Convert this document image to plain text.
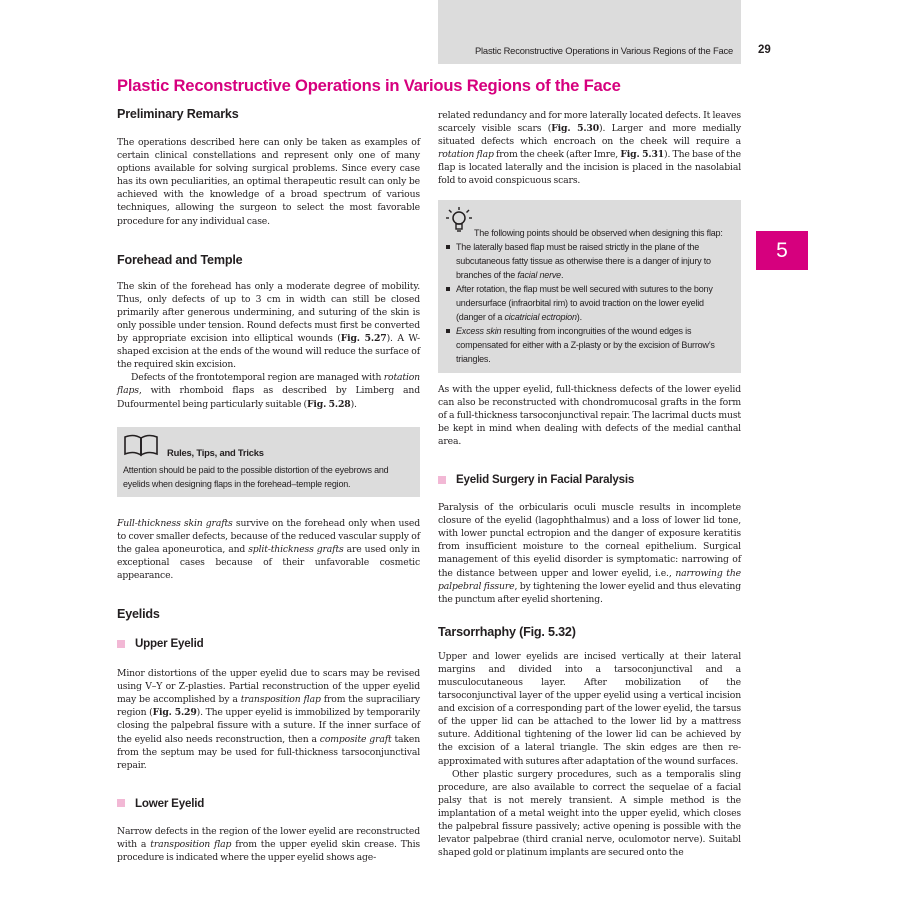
Plastic Reconstructive Operations in Various Regions of the Face 29
5
Plastic Reconstructive Operations in Various Regions of the Face
Preliminary Remarks

The operations described here can only be taken as examples of certain clinical constellations and represent only one of many options available for solving surgical problems. Since every case has its own peculiarities, an optimal therapeutic result can only be achieved with the knowledge of a broad spectrum of various techniques, allowing the surgeon to select the most favorable procedure for any individual case.

Forehead and Temple

The skin of the forehead has only a moderate degree of mobility. Thus, only defects of up to 3 cm in width can still be closed primarily after generous undermining, and suturing of the skin is only possible under tension. Round defects must first be converted by appropriate excision into elliptical wounds (Fig. 5.27). A W-shaped excision at the ends of the wound will reduce the surface of the required skin excision.

Defects of the frontotemporal region are managed with rotation flaps, with rhomboid flaps as described by Limberg and Dufourmentel being particularly suitable (Fig. 5.28).

Rules, Tips, and Tricks
Attention should be paid to the possible distortion of the eyebrows and eyelids when designing flaps in the forehead–temple region.

Full-thickness skin grafts survive on the forehead only when used to cover smaller defects, because of the reduced vascular supply of the galea aponeurotica, and split-thickness grafts are used only in exceptional cases because of their unfavorable cosmetic appearance.

Eyelids
Upper Eyelid

Minor distortions of the upper eyelid due to scars may be revised using V–Y or Z-plasties. Partial reconstruction of the upper eyelid may be accomplished by a transposition flap from the supraciliary region (Fig. 5.29). The upper eyelid is immobilized by temporarily closing the palpebral fissure with a suture. If the inner surface of the eyelid also needs reconstruction, then a composite graft taken from the septum may be used for full-thickness tarsoconjunctival repair.

Lower Eyelid

Narrow defects in the region of the lower eyelid are reconstructed with a transposition flap from the upper eyelid skin crease. This procedure is indicated where the upper eyelid shows age-

related redundancy and for more laterally located defects. It leaves scarcely visible scars (Fig. 5.30). Larger and more medially situated defects which encroach on the cheek will require a rotation flap from the cheek (after Imre, Fig. 5.31). The base of the flap is located laterally and the incision is placed in the nasolabial fold to avoid conspicuous scars.

The following points should be observed when designing this flap:
The laterally based flap must be raised strictly in the plane of the subcutaneous fatty tissue as otherwise there is a danger of injury to branches of the facial nerve.
After rotation, the flap must be well secured with sutures to the bony undersurface (infraorbital rim) to avoid traction on the lower eyelid (danger of a cicatricial ectropion).
Excess skin resulting from incongruities of the wound edges is compensated for either with a Z-plasty or by the excision of Burrow’s triangles.

As with the upper eyelid, full-thickness defects of the lower eyelid can also be reconstructed with chondromucosal grafts in the form of a full-thickness tarsoconjunctival repair. The lacrimal ducts must be kept in mind when dealing with defects of the medial canthal area.

Eyelid Surgery in Facial Paralysis

Paralysis of the orbicularis oculi muscle results in incomplete closure of the eyelid (lagophthalmus) and a loss of lower lid tone, with lower punctal ectropion and the danger of exposure keratitis from insufficient moisture to the corneal epithelium. Surgical management of this eyelid disorder is symptomatic: narrowing of the distance between upper and lower eyelid, i.e., narrowing the palpebral fissure, by tightening the lower eyelid and thus elevating the punctum after eyelid shortening.

Tarsorrhaphy (Fig. 5.32)

Upper and lower eyelids are incised vertically at their lateral margins and divided into a tarsoconjunctival and a musculocutaneous layer. After mobilization of the tarsoconjunctival layer of the upper eyelid using a vertical incision and excision of a corresponding part of the lower eyelid, the tarsus of the upper lid can be attached to the lower lid by a mattress suture. Additional tightening of the lower lid can be achieved by the excision of a lateral triangle. The skin edges are then re-approximated with sutures after adaptation of the wound surfaces.

Other plastic surgery procedures, such as a temporalis sling procedure, are also available to correct the sequelae of a facial palsy that is not merely transient. A simple method is the implantation of a metal weight into the upper eyelid, which closes the palpebral fissure passively; active opening is possible with the levator palpebrae (third cranial nerve, oculomotor nerve). Suitabl shaped gold or platinum implants are secured onto the
